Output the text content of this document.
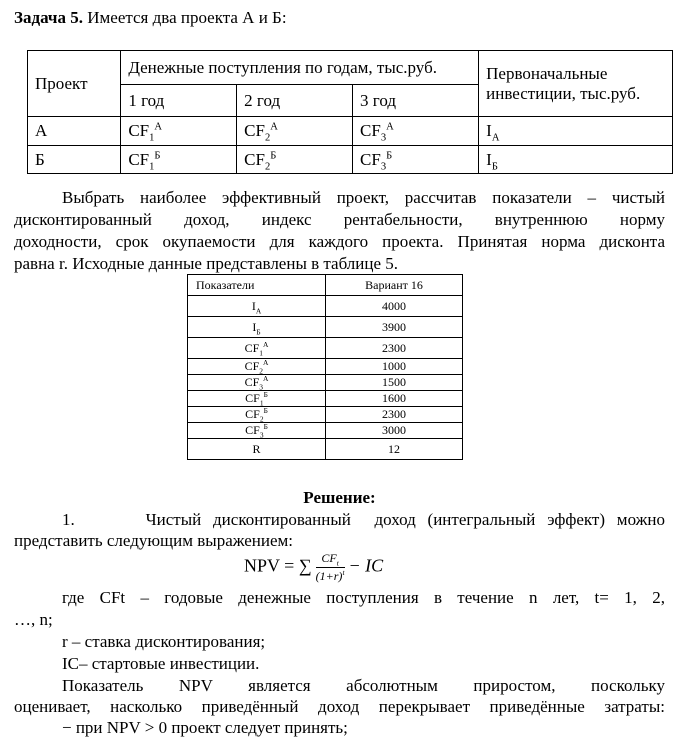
Задача 5. Имеется два проекта А и Б:
Проект	Денежные поступления по годам, тыс.руб.			Первоначальные инвестиции, тыс.руб.
	1 год	2 год	3 год	
А	$CF_1^А$	$CF_2^А$	$CF_3^А$	$I_А$
Б	$CF_1^Б$	$CF_2^Б$	$CF_3^Б$	$I_Б$
Выбрать наиболее эффективный проект, рассчитав показатели – чистый
дисконтированный доход, индекс рентабельности, внутреннюю норму
доходности, срок окупаемости для каждого проекта. Принятая норма дисконта
равна r. Исходные данные представлены в таблице 5.
Показатели	Вариант 16
$I_А$	4000
$I_Б$	3900
$CF_1^А$	2300
$CF_2^А$	1000
$CF_3^А$	1500
$CF_1^Б$	1600
$CF_2^Б$	2300
$CF_3^Б$	3000
R	12
Решение:
1.      Чистый дисконтированный  доход (интегральный эффект) можно
представить следующим выражением:
NPV = ∑ $\frac{CF_t}{(1+r)^t}$ − IC
где CFt – годовые денежные поступления в течение n лет, t= 1, 2,
…, n;
r – ставка дисконтирования;
IC– стартовые инвестиции.
Показатель NPV является абсолютным приростом, поскольку
оценивает, насколько приведённый доход перекрывает приведённые затраты:
− при NPV > 0 проект следует принять;
